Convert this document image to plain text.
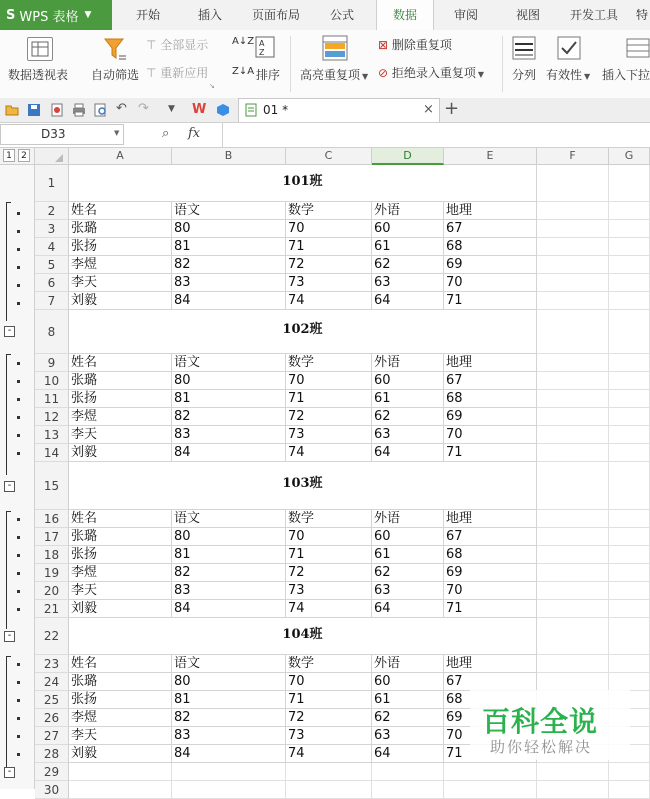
S WPS 表格 ▼	开始	插入	页面布局	公式	数据	审阅	视图	开发工具	特
数据透视表 自动筛选
⊤ 全部显示
⊤ 重新应用
↘
A↓Z A
Z
Z↓A 排序 高亮重复项 ▼
⊠ 删除重复项
⊘ 拒绝录入重复项 ▼ 分列 有效性 ▼ 插入下拉
↶ ↷	▼	W	01 *	× +
D33	▼	⌕ fx
1	2	A	B	C	D	E	F	G
-
-
-
-
1	101班
2	姓名	语文	数学	外语	地理
3	张璐	80	70	60	67
4	张扬	81	71	61	68
5	李煜	82	72	62	69
6	李天	83	73	63	70
7	刘毅	84	74	64	71
8	102班
9	姓名	语文	数学	外语	地理
10 张璐	80	70	60	67
11 张扬	81	71	61	68
12 李煜	82	72	62	69
13 李天	83	73	63	70
14 刘毅	84	74	64	71
15	103班
16 姓名	语文	数学	外语	地理
17 张璐	80	70	60	67
18 张扬	81	71	61	68
19 李煜	82	72	62	69
20 李天	83	73	63	70
21 刘毅	84	74	64	71
22	104班
23 姓名	语文	数学	外语	地理
24 张璐	80	70	60	67
25 张扬	81	71	61	68
26 李煜	82	72	62	69
27 李天	83	73	63	70
28 刘毅	84	74	64	71
29
30
百科全说
助你轻松解决
